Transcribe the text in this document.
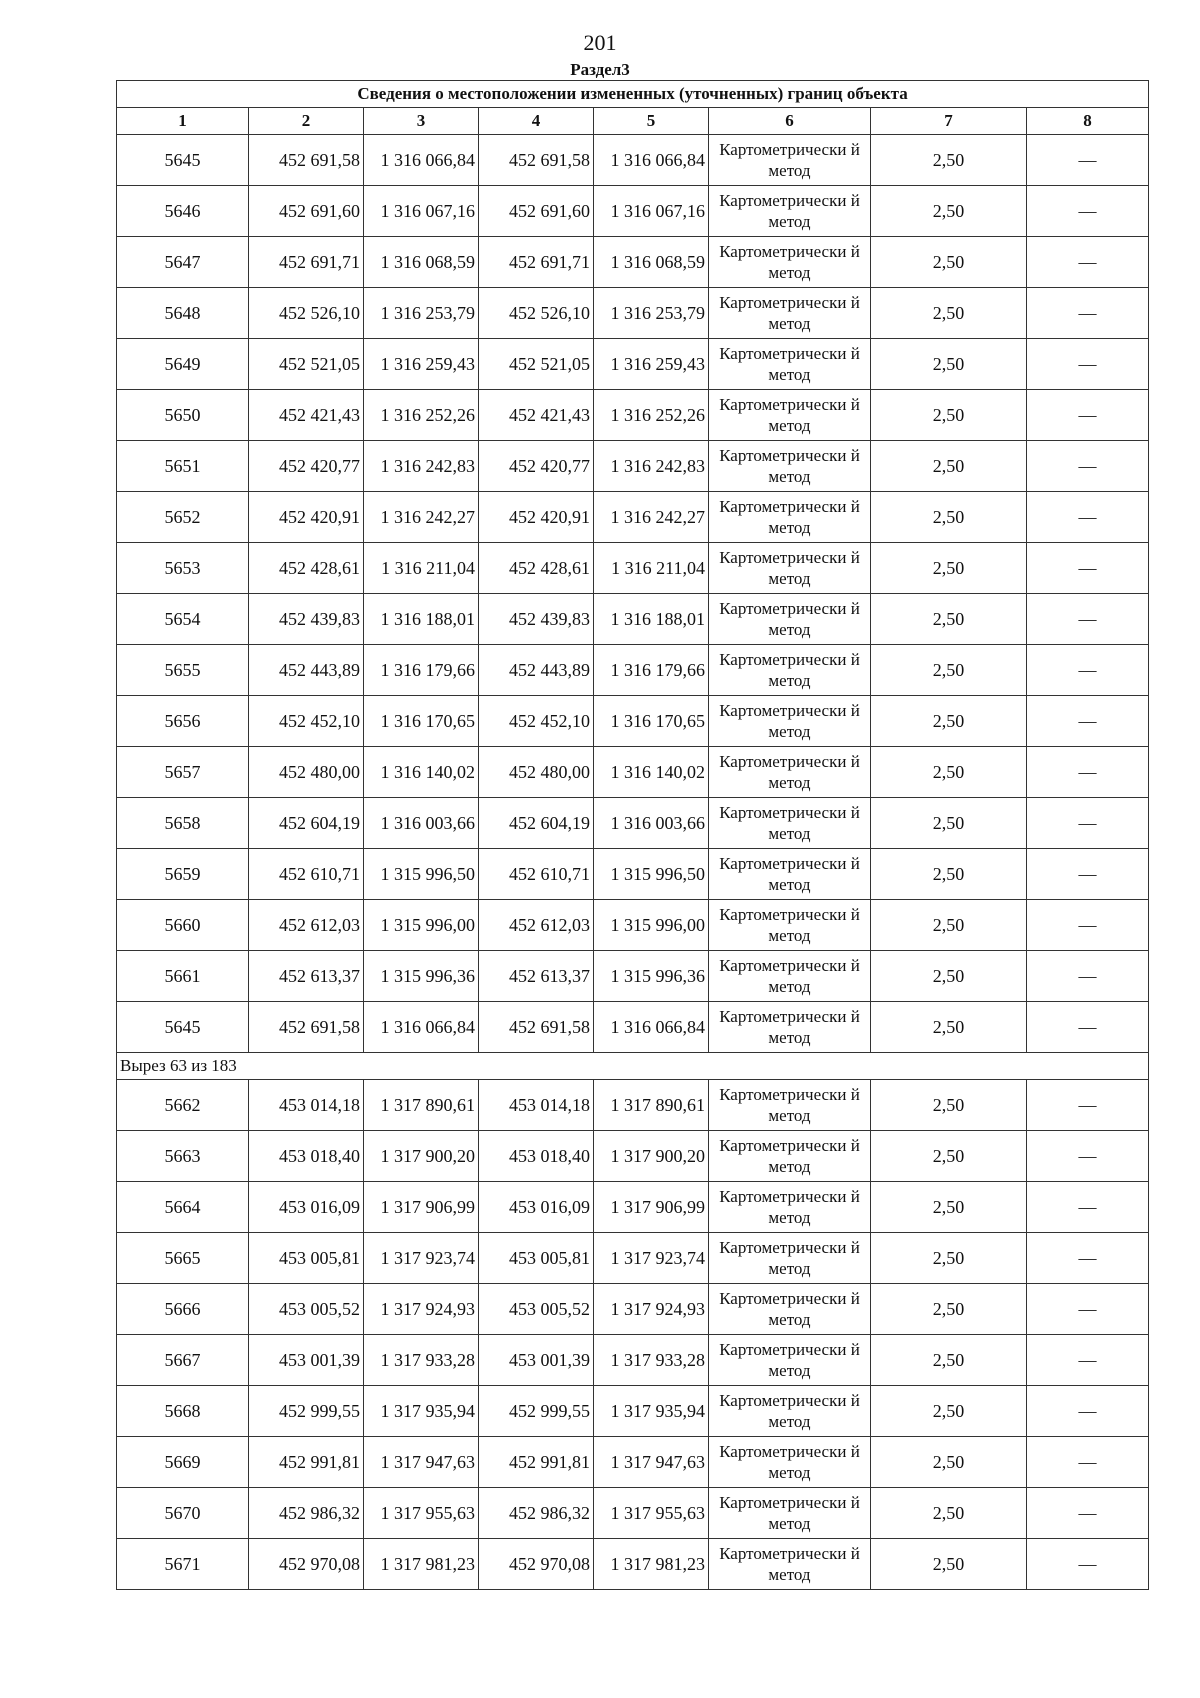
201
Раздел3
Сведения о местоположении измененных (уточненных) границ объекта							
1	2	3	4	5	6	7	8
5645	452 691,58	1 316 066,84	452 691,58	1 316 066,84	Картометрически й метод	2,50	—
5646	452 691,60	1 316 067,16	452 691,60	1 316 067,16	Картометрически й метод	2,50	—
5647	452 691,71	1 316 068,59	452 691,71	1 316 068,59	Картометрически й метод	2,50	—
5648	452 526,10	1 316 253,79	452 526,10	1 316 253,79	Картометрически й метод	2,50	—
5649	452 521,05	1 316 259,43	452 521,05	1 316 259,43	Картометрически й метод	2,50	—
5650	452 421,43	1 316 252,26	452 421,43	1 316 252,26	Картометрически й метод	2,50	—
5651	452 420,77	1 316 242,83	452 420,77	1 316 242,83	Картометрически й метод	2,50	—
5652	452 420,91	1 316 242,27	452 420,91	1 316 242,27	Картометрически й метод	2,50	—
5653	452 428,61	1 316 211,04	452 428,61	1 316 211,04	Картометрически й метод	2,50	—
5654	452 439,83	1 316 188,01	452 439,83	1 316 188,01	Картометрически й метод	2,50	—
5655	452 443,89	1 316 179,66	452 443,89	1 316 179,66	Картометрически й метод	2,50	—
5656	452 452,10	1 316 170,65	452 452,10	1 316 170,65	Картометрически й метод	2,50	—
5657	452 480,00	1 316 140,02	452 480,00	1 316 140,02	Картометрически й метод	2,50	—
5658	452 604,19	1 316 003,66	452 604,19	1 316 003,66	Картометрически й метод	2,50	—
5659	452 610,71	1 315 996,50	452 610,71	1 315 996,50	Картометрически й метод	2,50	—
5660	452 612,03	1 315 996,00	452 612,03	1 315 996,00	Картометрически й метод	2,50	—
5661	452 613,37	1 315 996,36	452 613,37	1 315 996,36	Картометрически й метод	2,50	—
5645	452 691,58	1 316 066,84	452 691,58	1 316 066,84	Картометрически й метод	2,50	—
Вырез 63 из 183							
5662	453 014,18	1 317 890,61	453 014,18	1 317 890,61	Картометрически й метод	2,50	—
5663	453 018,40	1 317 900,20	453 018,40	1 317 900,20	Картометрически й метод	2,50	—
5664	453 016,09	1 317 906,99	453 016,09	1 317 906,99	Картометрически й метод	2,50	—
5665	453 005,81	1 317 923,74	453 005,81	1 317 923,74	Картометрически й метод	2,50	—
5666	453 005,52	1 317 924,93	453 005,52	1 317 924,93	Картометрически й метод	2,50	—
5667	453 001,39	1 317 933,28	453 001,39	1 317 933,28	Картометрически й метод	2,50	—
5668	452 999,55	1 317 935,94	452 999,55	1 317 935,94	Картометрически й метод	2,50	—
5669	452 991,81	1 317 947,63	452 991,81	1 317 947,63	Картометрически й метод	2,50	—
5670	452 986,32	1 317 955,63	452 986,32	1 317 955,63	Картометрически й метод	2,50	—
5671	452 970,08	1 317 981,23	452 970,08	1 317 981,23	Картометрически й метод	2,50	—
